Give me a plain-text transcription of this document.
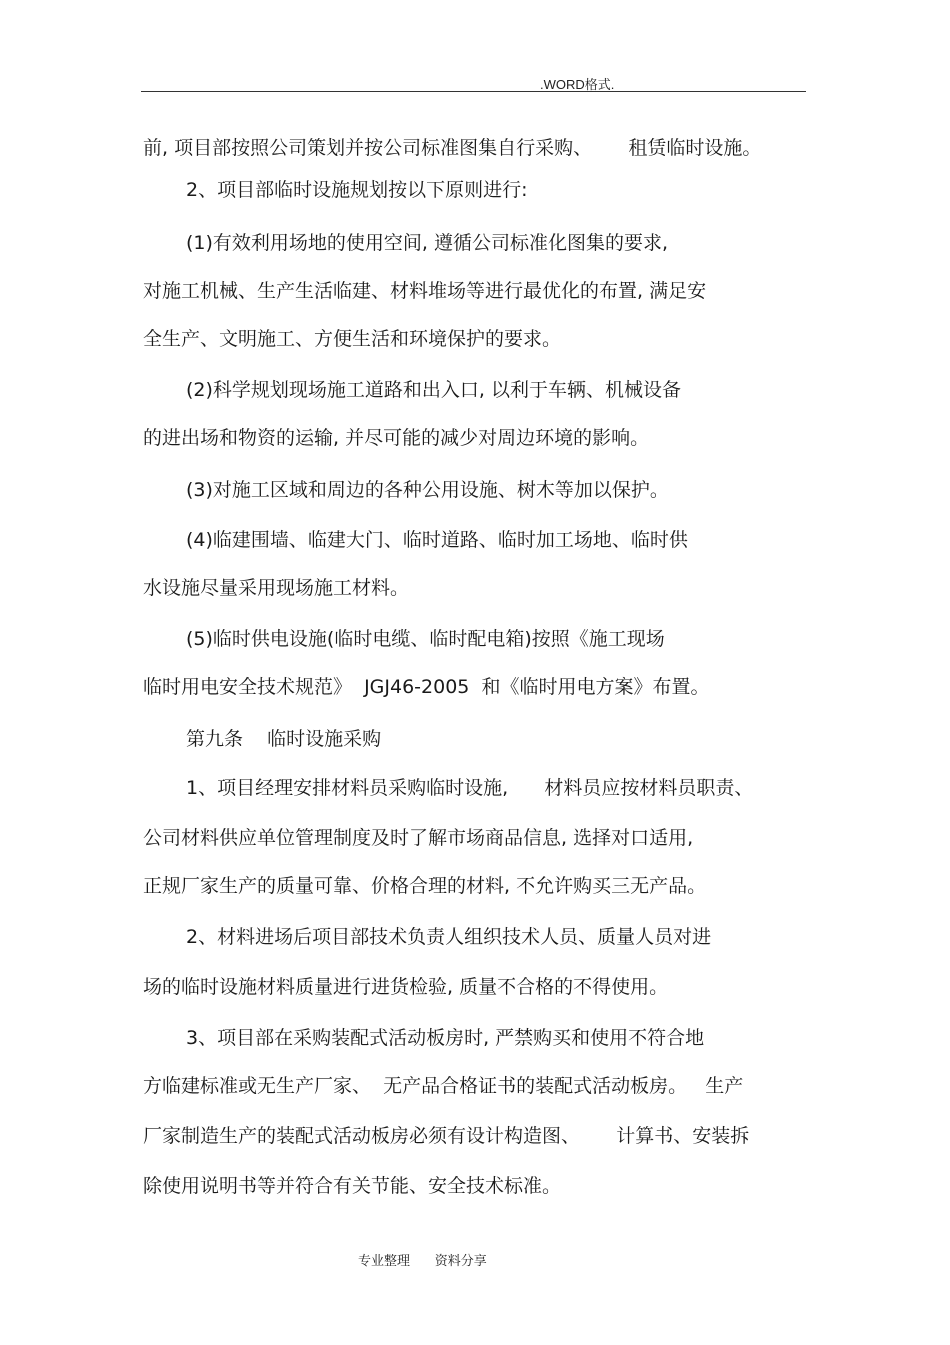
.WORD格式.
前, 项目部按照公司策划并按公司标准图集自行采购、      租赁临时设施。
2、项目部临时设施规划按以下原则进行:
(1)有效利用场地的使用空间, 遵循公司标准化图集的要求,
对施工机械、生产生活临建、材料堆场等进行最优化的布置, 满足安
全生产、文明施工、方便生活和环境保护的要求。
(2)科学规划现场施工道路和出入口, 以利于车辆、机械设备
的进出场和物资的运输, 并尽可能的减少对周边环境的影响。
(3)对施工区域和周边的各种公用设施、树木等加以保护。
(4)临建围墙、临建大门、临时道路、临时加工场地、临时供
水设施尽量采用现场施工材料。
(5)临时供电设施(临时电缆、临时配电箱)按照《施工现场
临时用电安全技术规范》  JGJ46-2005  和《临时用电方案》布置。
第九条    临时设施采购
1、项目经理安排材料员采购临时设施,      材料员应按材料员职责、
公司材料供应单位管理制度及时了解市场商品信息, 选择对口适用,
正规厂家生产的质量可靠、价格合理的材料, 不允许购买三无产品。
2、材料进场后项目部技术负责人组织技术人员、质量人员对进
场的临时设施材料质量进行进货检验, 质量不合格的不得使用。
3、项目部在采购装配式活动板房时, 严禁购买和使用不符合地
方临建标准或无生产厂家、  无产品合格证书的装配式活动板房。   生产
厂家制造生产的装配式活动板房必须有设计构造图、      计算书、安装拆
除使用说明书等并符合有关节能、安全技术标准。
专业整理      资料分享
